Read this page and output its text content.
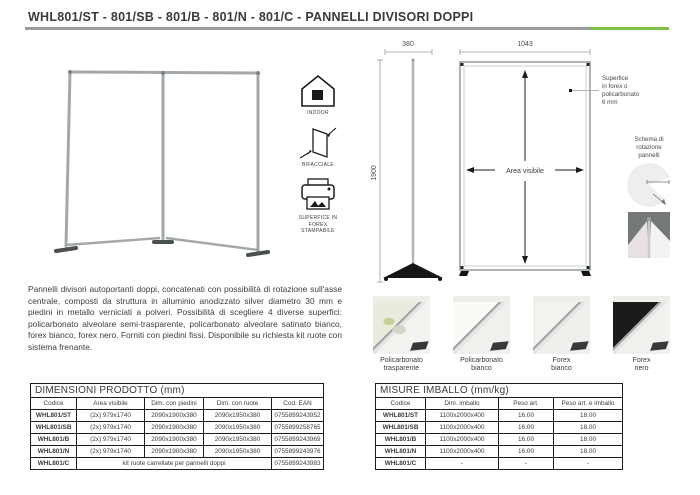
WHL801/ST - 801/SB - 801/B - 801/N - 801/C - PANNELLI DIVISORI DOPPI
INDOOR
BIFACCIALE
SUPERFICE IN FOREX STAMPABILE
380
1900
1043
Area visibile
Superfice
in forex o
policarbonato
6 mm
Schema di
rotazione
pannelli
Pannelli divisori autoportanti doppi, concatenati con possibilità di rotazione sull'asse centrale, composti da struttura in alluminio anodizzato silver diametro 30 mm e piedini in metallo verniciati a polveri. Possibilità di scegliere 4 diverse superfici: policarbonato alveolare semi-trasparente, policarbonato alveolare satinato bianco, forex bianco, forex nero. Forniti con piedini fissi. Disponibile su richiesta kit ruote con sistema frenante.
Policarbonato
trasparente
Policarbonato
bianco
Forex
bianco
Forex
nero
DIMENSIONI PRODOTTO (mm)				
Codice	Area visibile	Dim. con piedini	Dim. con ruote	Cod. EAN
WHL801/ST	(2x) 979x1740	2090x1900x380	2090x1950x380	0755899243952
WHL801/SB	(2x) 979x1740	2090x1900x380	2090x1950x380	0755899258765
WHL801/B	(2x) 979x1740	2090x1900x380	2090x1950x380	0755899243969
WHL801/N	(2x) 979x1740	2090x1900x380	2090x1950x380	0755899243976
WHL801/C	kit ruote carrellate per pannelli doppi			0755899243983
MISURE IMBALLO (mm/kg)			
Codice	Dim. imballo	Peso art.	Peso art. e imballo
WHL801/ST	1100x2000x400	16.00	18.00
WHL801/SB	1100x2000x400	16.00	18.00
WHL801/B	1100x2000x400	16.00	18.00
WHL801/N	1100x2000x400	16.00	18.00
WHL801/C	-	-	-
